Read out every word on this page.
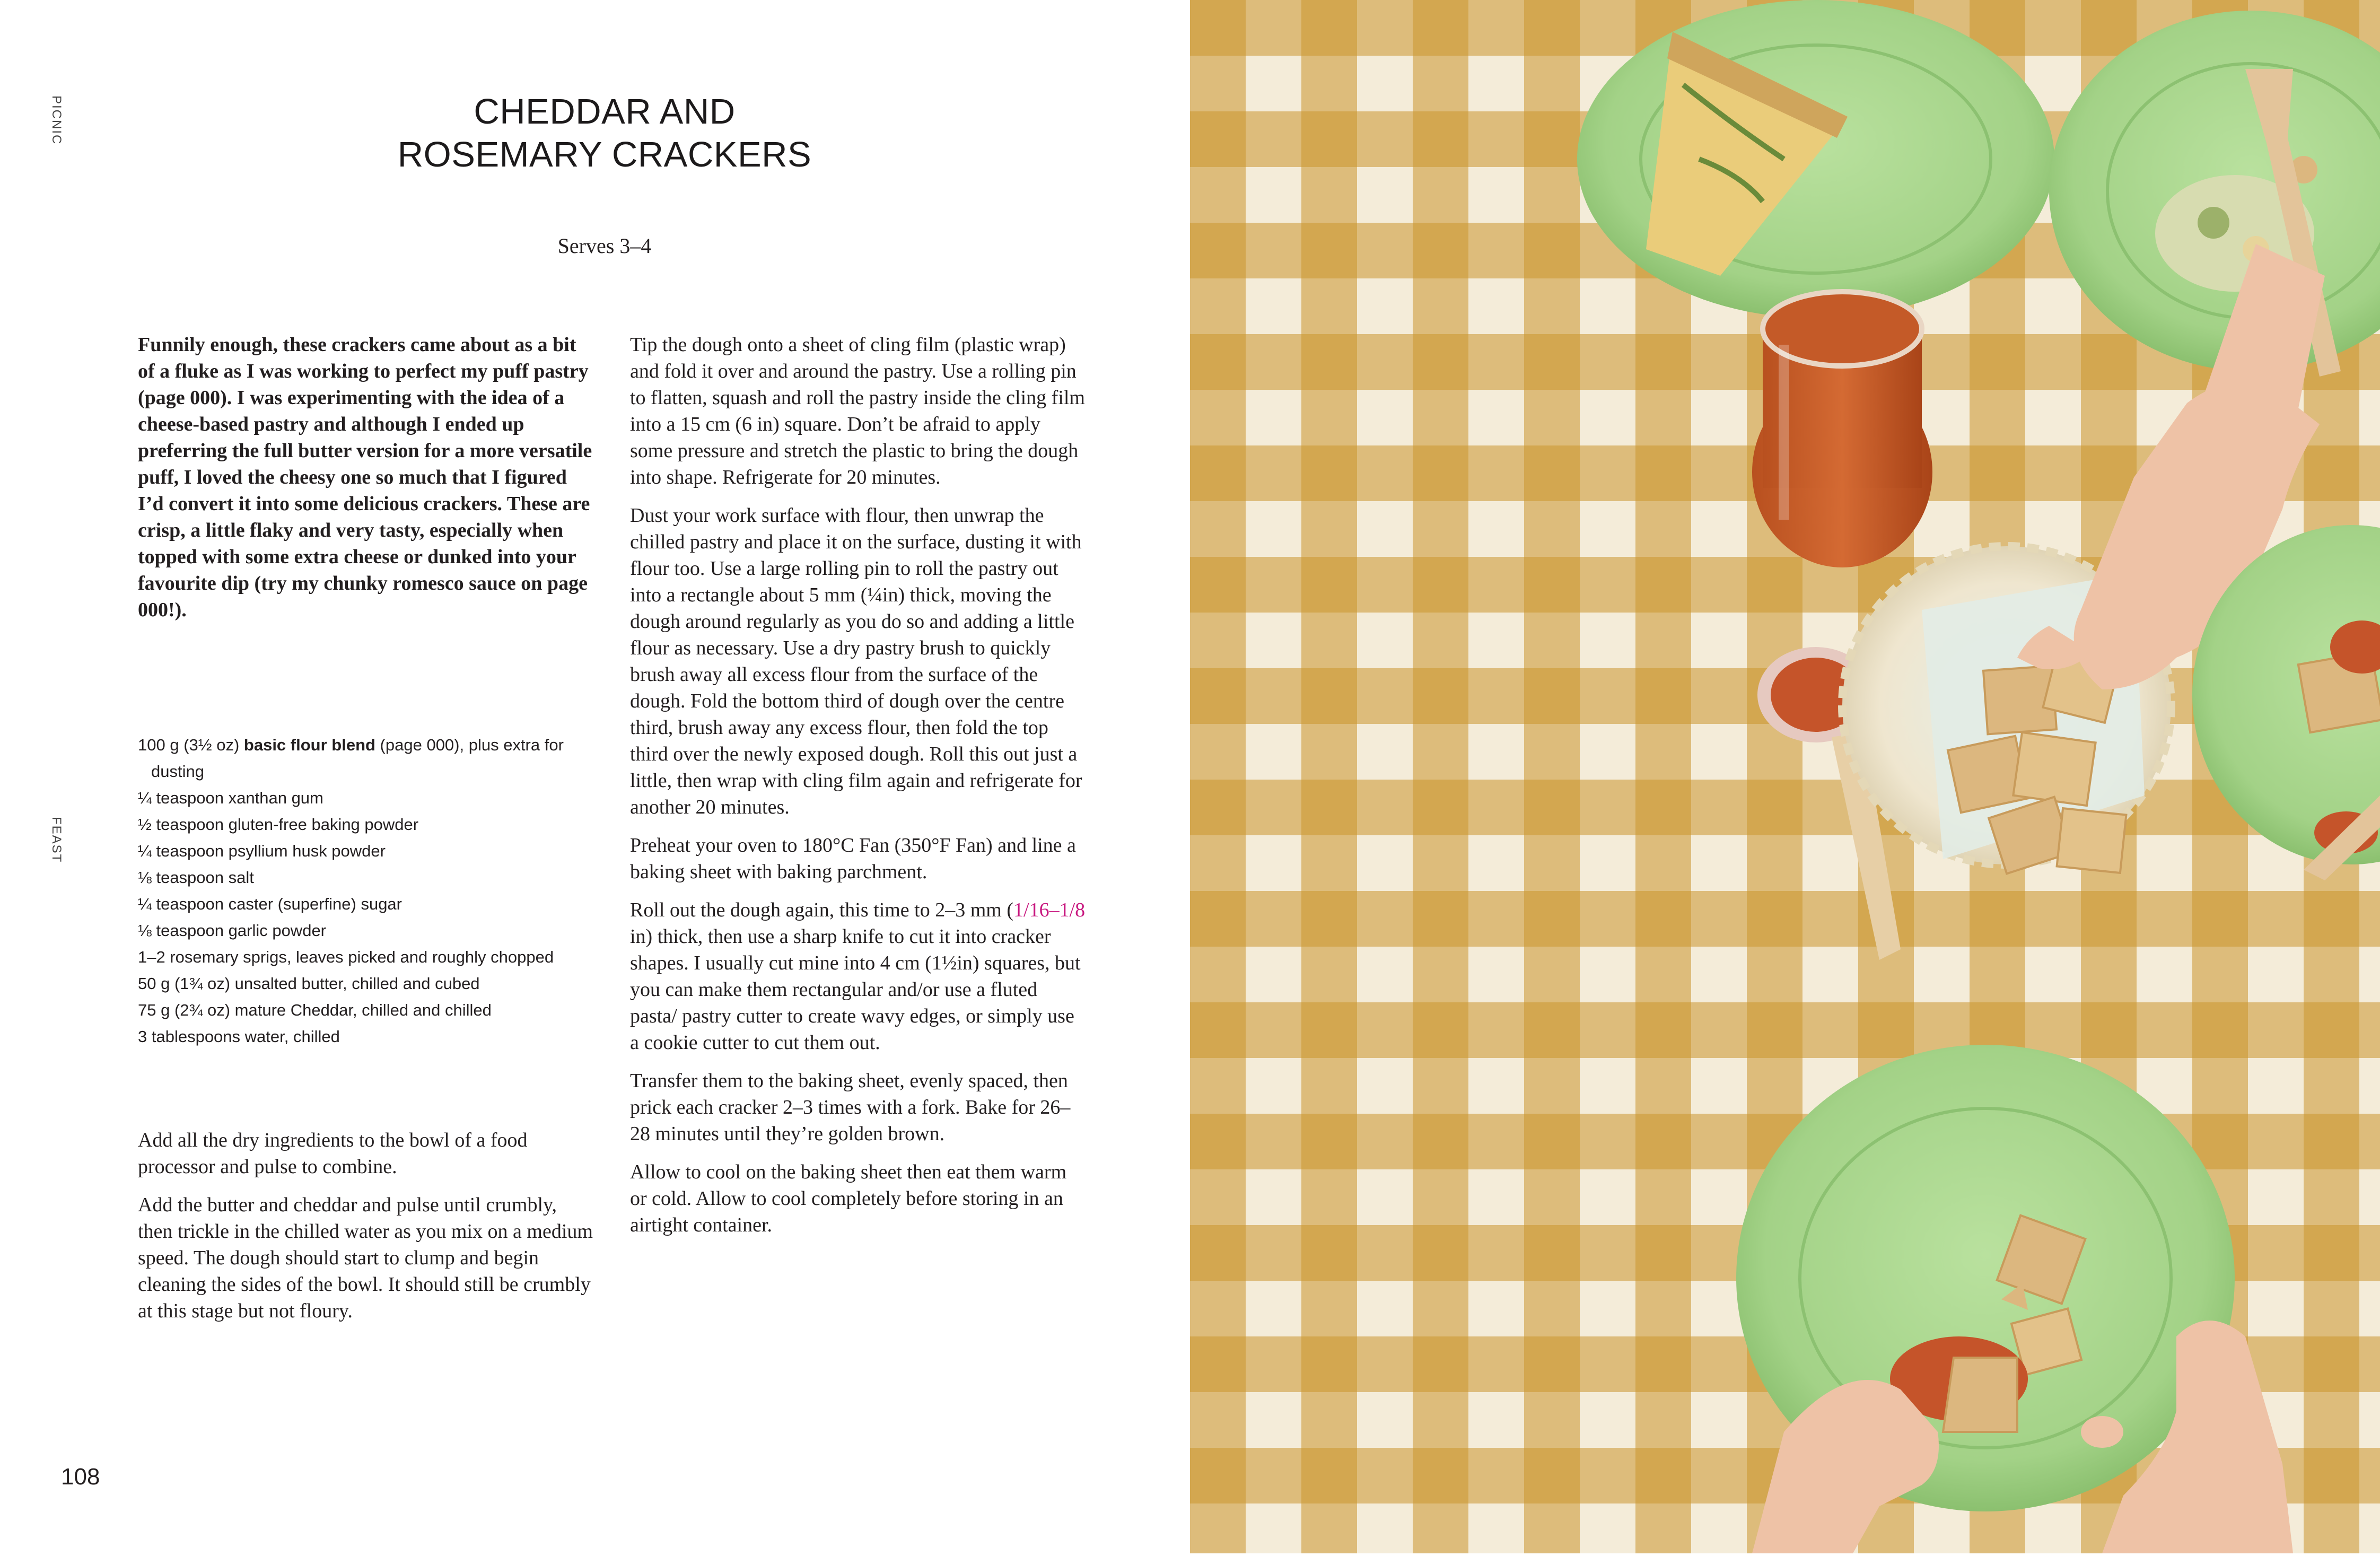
PICNIC
FEAST
CHEDDAR AND
ROSEMARY CRACKERS
Serves 3–4

Funnily enough, these crackers came about as a bit of a fluke as I was working to perfect my puff pastry (page 000). I was experimenting with the idea of a cheese-based pastry and although I ended up preferring the full butter version for a more versatile puff, I loved the cheesy one so much that I figured I’d convert it into some delicious crackers. These are crisp, a little flaky and very tasty, especially when topped with some extra cheese or dunked into your favourite dip (try my chunky romesco sauce on page 000!).

100 g (3½ oz) basic flour blend (page 000), plus extra for dusting
¼ teaspoon xanthan gum
½ teaspoon gluten-free baking powder
¼ teaspoon psyllium husk powder
⅛ teaspoon salt
¼ teaspoon caster (superfine) sugar
⅛ teaspoon garlic powder
1–2 rosemary sprigs, leaves picked and roughly chopped
50 g (1¾ oz) unsalted butter, chilled and cubed
75 g (2¾ oz) mature Cheddar, chilled and chilled
3 tablespoons water, chilled

Add all the dry ingredients to the bowl of a food processor and pulse to combine.

Add the butter and cheddar and pulse until crumbly, then trickle in the chilled water as you mix on a medium speed. The dough should start to clump and begin cleaning the sides of the bowl. It should still be crumbly at this stage but not floury.

Tip the dough onto a sheet of cling film (plastic wrap) and fold it over and around the pastry. Use a rolling pin to flatten, squash and roll the pastry inside the cling film into a 15 cm (6 in) square. Don’t be afraid to apply some pressure and stretch the plastic to bring the dough into shape. Refrigerate for 20 minutes.

Dust your work surface with flour, then unwrap the chilled pastry and place it on the surface, dusting it with flour too. Use a large rolling pin to roll the pastry out into a rectangle about 5 mm (¼in) thick, moving the dough around regularly as you do so and adding a little flour as necessary. Use a dry pastry brush to quickly brush away all excess flour from the surface of the dough. Fold the bottom third of dough over the centre third, brush away any excess flour, then fold the top third over the newly exposed dough. Roll this out just a little, then wrap with cling film again and refrigerate for another 20 minutes.

Preheat your oven to 180°C Fan (350°F Fan) and line a baking sheet with baking parchment.

Roll out the dough again, this time to 2–3 mm (1/16–1/8 in) thick, then use a sharp knife to cut it into cracker shapes. I usually cut mine into 4 cm (1½in) squares, but you can make them rectangular and/or use a fluted pasta/ pastry cutter to create wavy edges, or simply use a cookie cutter to cut them out.

Transfer them to the baking sheet, evenly spaced, then prick each cracker 2–3 times with a fork. Bake for 26–28 minutes until they’re golden brown.

Allow to cool on the baking sheet then eat them warm or cold. Allow to cool completely before storing in an airtight container.

108
